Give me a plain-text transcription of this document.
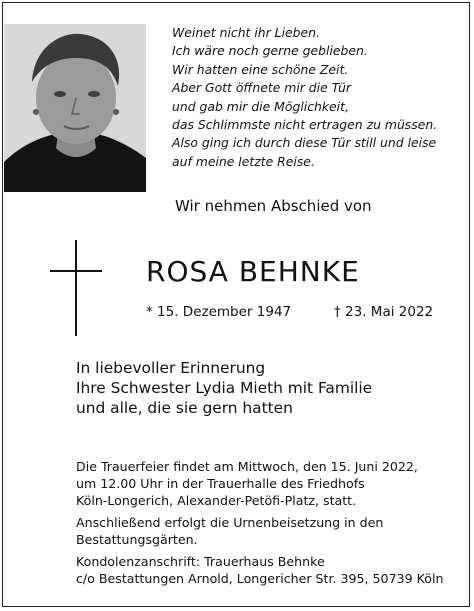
Weinet nicht ihr Lieben.
Ich wäre noch gerne geblieben.
Wir hatten eine schöne Zeit.
Aber Gott öffnete mir die Tür
und gab mir die Möglichkeit,
das Schlimmste nicht ertragen zu müssen.
Also ging ich durch diese Tür still und leise
auf meine letzte Reise.
Wir nehmen Abschied von
ROSA BEHNKE
* 15. Dezember 1947	† 23. Mai 2022
In liebevoller Erinnerung
Ihre Schwester Lydia Mieth mit Familie
und alle, die sie gern hatten
Die Trauerfeier findet am Mittwoch, den 15. Juni 2022,
um 12.00 Uhr in der Trauerhalle des Friedhofs
Köln-Longerich, Alexander-Petöfi-Platz, statt.
Anschließend erfolgt die Urnenbeisetzung in den
Bestattungsgärten.
Kondolenzanschrift: Trauerhaus Behnke
c/o Bestattungen Arnold, Longericher Str. 395, 50739 Köln
